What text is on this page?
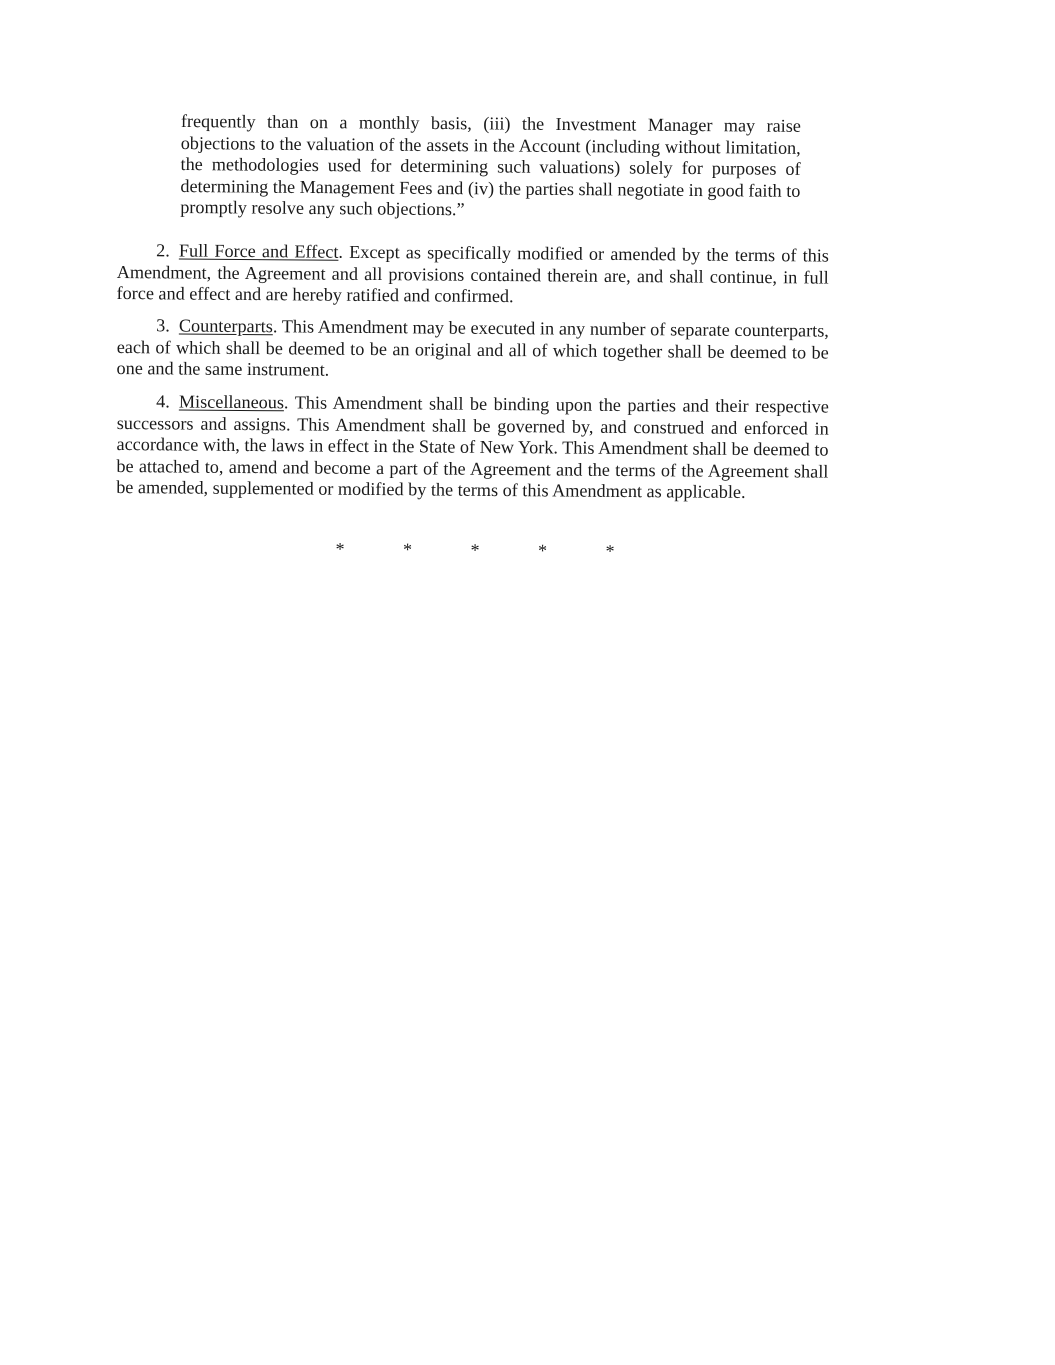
frequently than on a monthly basis, (iii) the Investment Manager may raise objections to the valuation of the assets in the Account (including without limitation, the methodologies used for determining such valuations) solely for purposes of determining the Management Fees and (iv) the parties shall negotiate in good faith to promptly resolve any such objections.”

2. Full Force and Effect. Except as specifically modified or amended by the terms of this Amendment, the Agreement and all provisions contained therein are, and shall continue, in full force and effect and are hereby ratified and confirmed.

3. Counterparts. This Amendment may be executed in any number of separate counterparts, each of which shall be deemed to be an original and all of which together shall be deemed to be one and the same instrument.

4. Miscellaneous. This Amendment shall be binding upon the parties and their respective successors and assigns. This Amendment shall be governed by, and construed and enforced in accordance with, the laws in effect in the State of New York. This Amendment shall be deemed to be attached to, amend and become a part of the Agreement and the terms of the Agreement shall be amended, supplemented or modified by the terms of this Amendment as applicable.

*	*	*	*	*
